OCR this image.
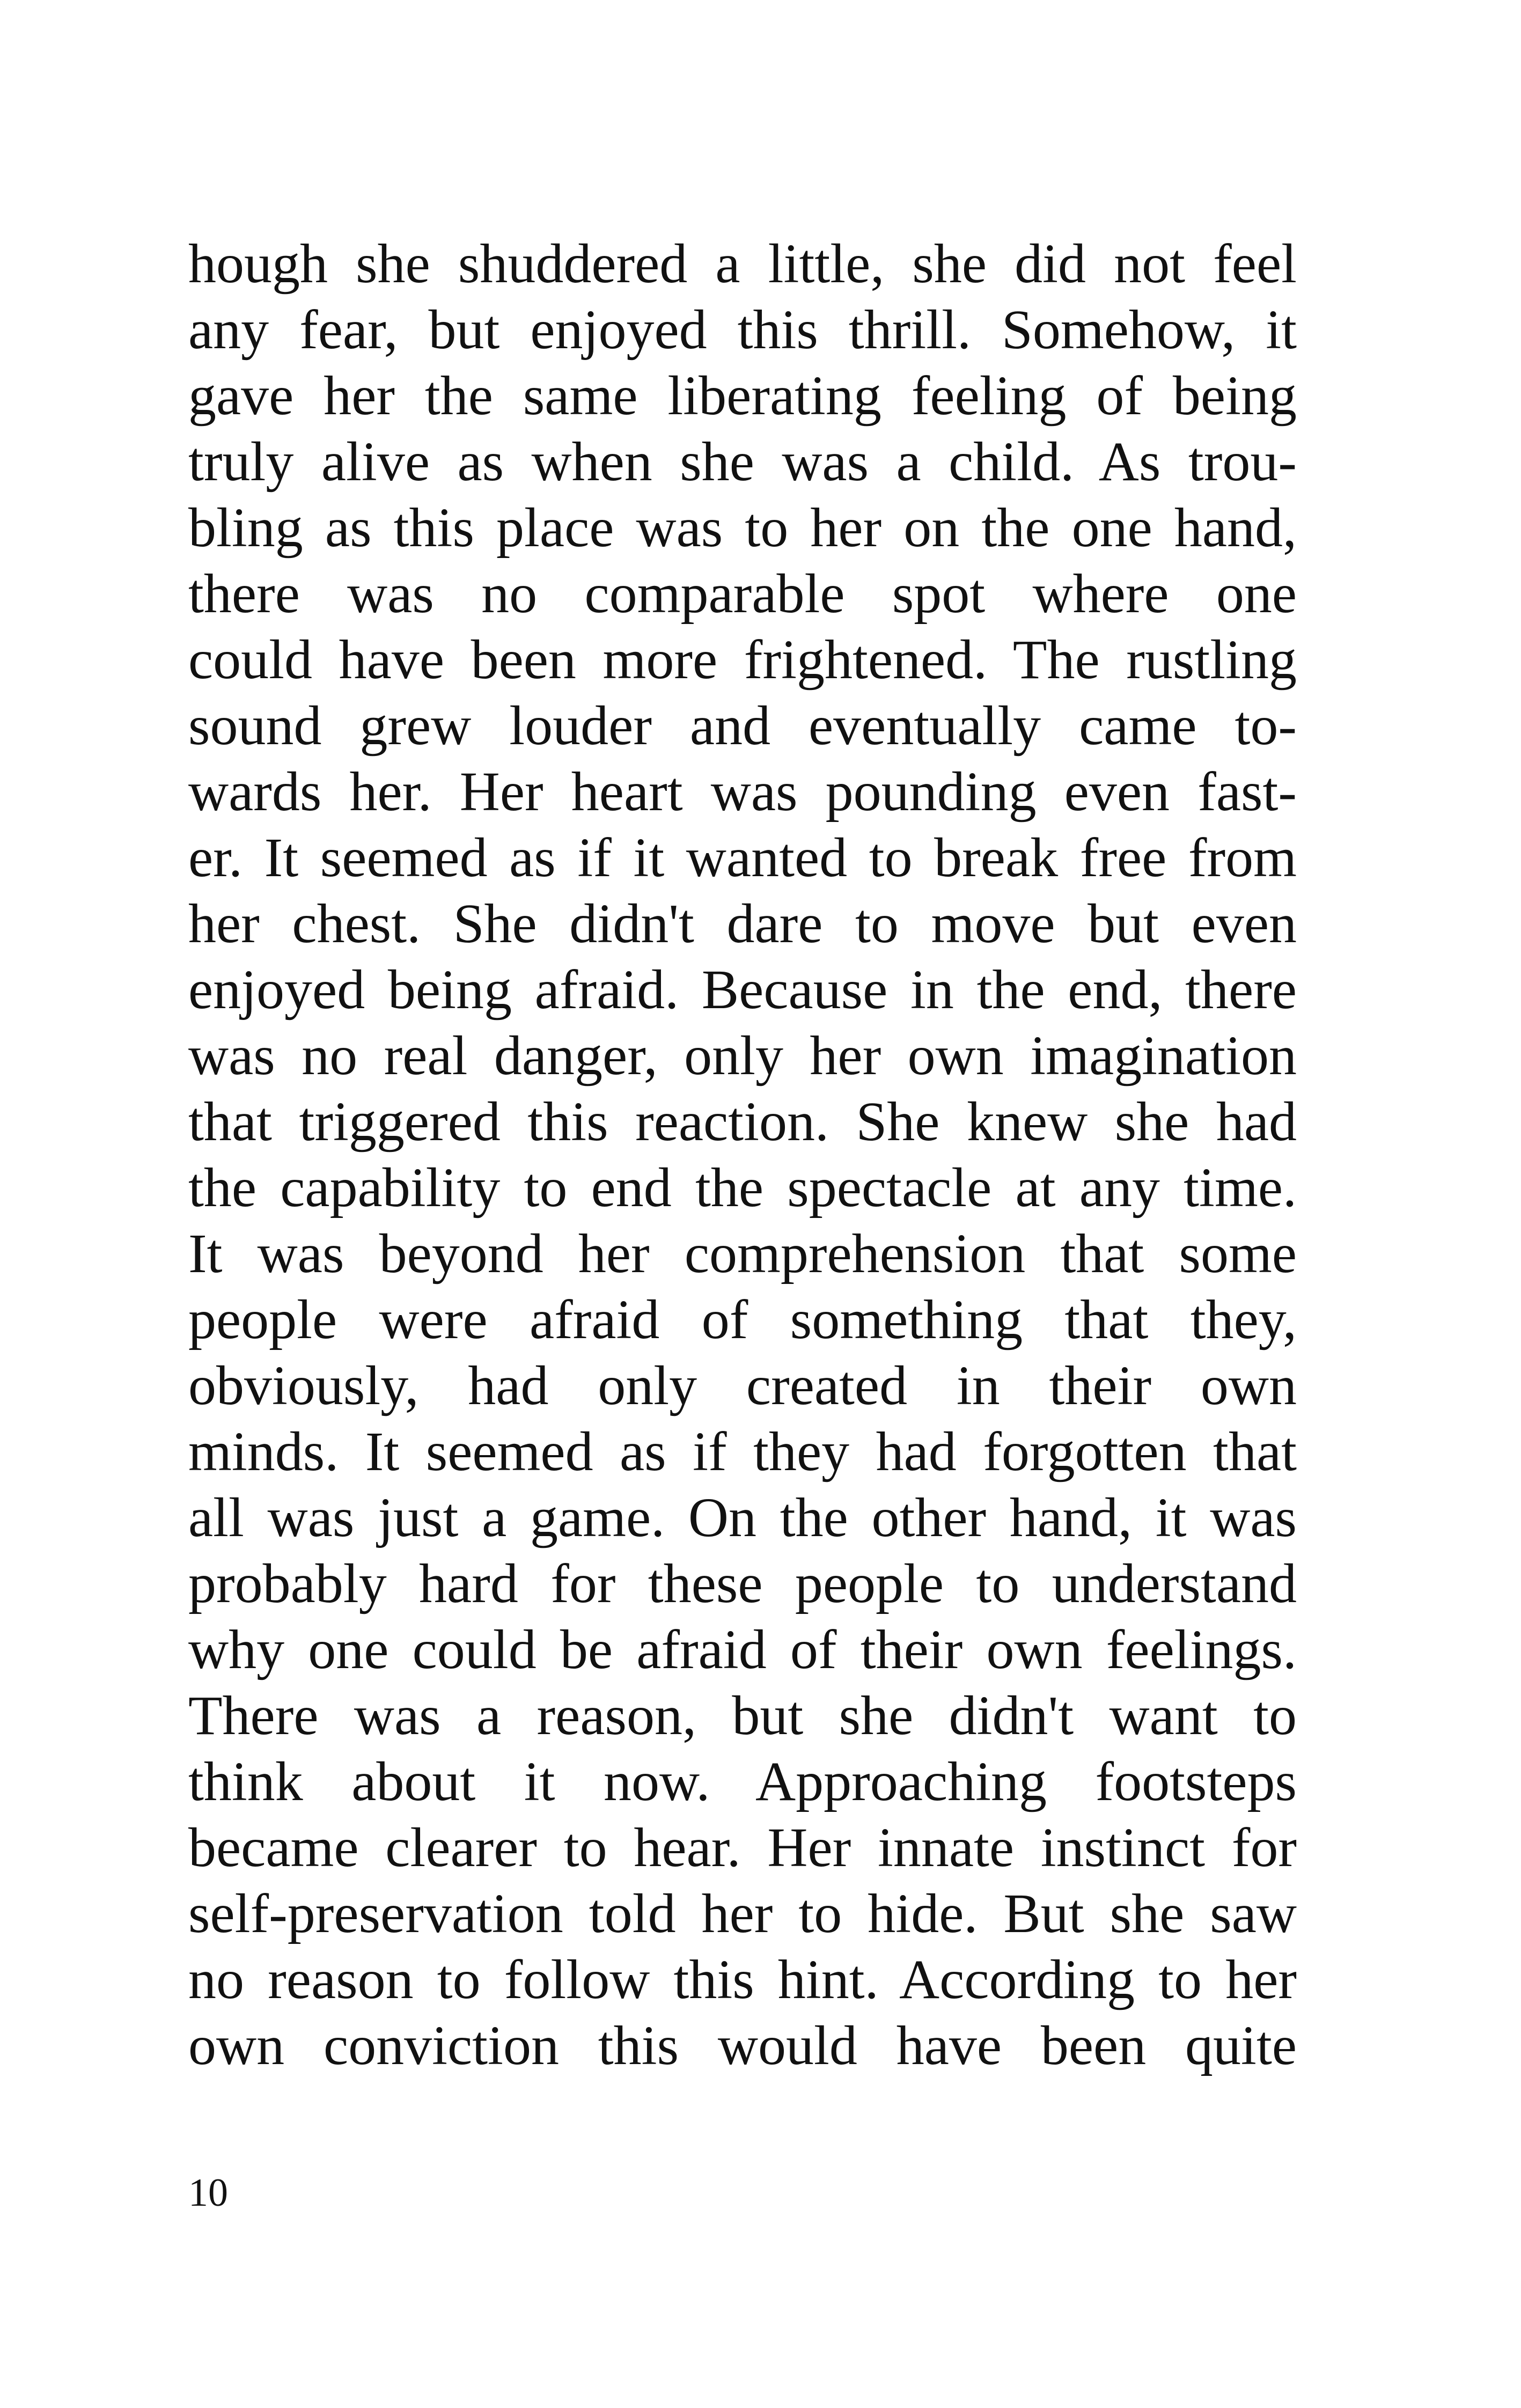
hough she shuddered a little, she did not feel
any fear, but enjoyed this thrill. Somehow, it
gave her the same liberating feeling of being
truly alive as when she was a child. As trou-
bling as this place was to her on the one hand,
there was no comparable spot where one
could have been more frightened. The rustling
sound grew louder and eventually came to-
wards her. Her heart was pounding even fast-
er. It seemed as if it wanted to break free from
her chest. She didn't dare to move but even
enjoyed being afraid. Because in the end, there
was no real danger, only her own imagination
that triggered this reaction. She knew she had
the capability to end the spectacle at any time.
It was beyond her comprehension that some
people were afraid of something that they,
obviously, had only created in their own
minds. It seemed as if they had forgotten that
all was just a game. On the other hand, it was
probably hard for these people to understand
why one could be afraid of their own feelings.
There was a reason, but she didn't want to
think about it now. Approaching footsteps
became clearer to hear. Her innate instinct for
self-preservation told her to hide. But she saw
no reason to follow this hint. According to her
own conviction this would have been quite
10
